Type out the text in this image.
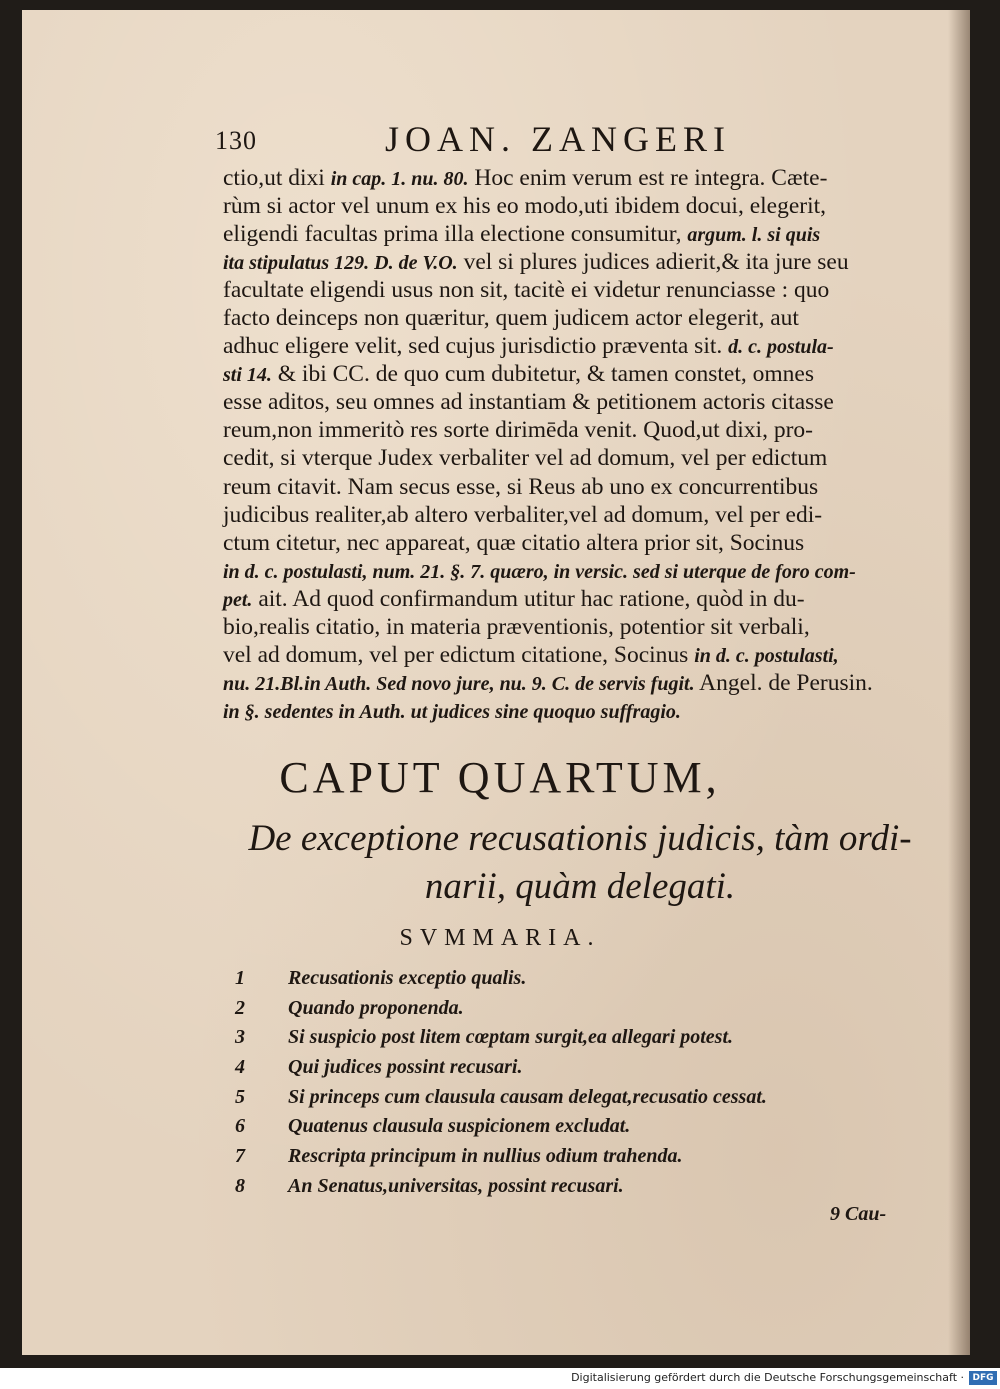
130	JOAN. ZANGERI
ctio,ut dixi in cap. 1. nu. 80. Hoc enim verum est re integra. Cæte-
rùm si actor vel unum ex his eo modo,uti ibidem docui, elegerit,
eligendi facultas prima illa electione consumitur, argum. l. si quis
ita stipulatus 129. D. de V.O. vel si plures judices adierit,& ita jure seu
facultate eligendi usus non sit, tacitè ei videtur renunciasse : quo
facto deinceps non quæritur, quem judicem actor elegerit, aut
adhuc eligere velit, sed cujus jurisdictio præventa sit. d. c. postula-
sti 14. & ibi CC. de quo cum dubitetur, & tamen constet, omnes
esse aditos, seu omnes ad instantiam & petitionem actoris citasse
reum,non immeritò res sorte dirimēda venit. Quod,ut dixi, pro-
cedit, si vterque Judex verbaliter vel ad domum, vel per edictum
reum citavit. Nam secus esse, si Reus ab uno ex concurrentibus
judicibus realiter,ab altero verbaliter,vel ad domum, vel per edi-
ctum citetur, nec appareat, quæ citatio altera prior sit, Socinus
in d. c. postulasti, num. 21. §. 7. quæro, in versic. sed si uterque de foro com-
pet. ait. Ad quod confirmandum utitur hac ratione, quòd in du-
bio,realis citatio, in materia præventionis, potentior sit verbali,
vel ad domum, vel per edictum citatione, Socinus in d. c. postulasti,
nu. 21.Bl.in Auth. Sed novo jure, nu. 9. C. de servis fugit. Angel. de Perusin.
in §. sedentes in Auth. ut judices sine quoquo suffragio.
CAPUT QUARTUM,
De exceptione recusationis judicis, tàm ordi-
narii, quàm delegati.
SVMMARIA.
1 Recusationis exceptio qualis.
2 Quando proponenda.
3 Si suspicio post litem cœptam surgit,ea allegari potest.
4 Qui judices possint recusari.
5 Si princeps cum clausula causam delegat,recusatio cessat.
6 Quatenus clausula suspicionem excludat.
7 Rescripta principum in nullius odium trahenda.
8 An Senatus,universitas, possint recusari.
9 Cau-
Digitalisierung gefördert durch die Deutsche Forschungsgemeinschaft · DFG
